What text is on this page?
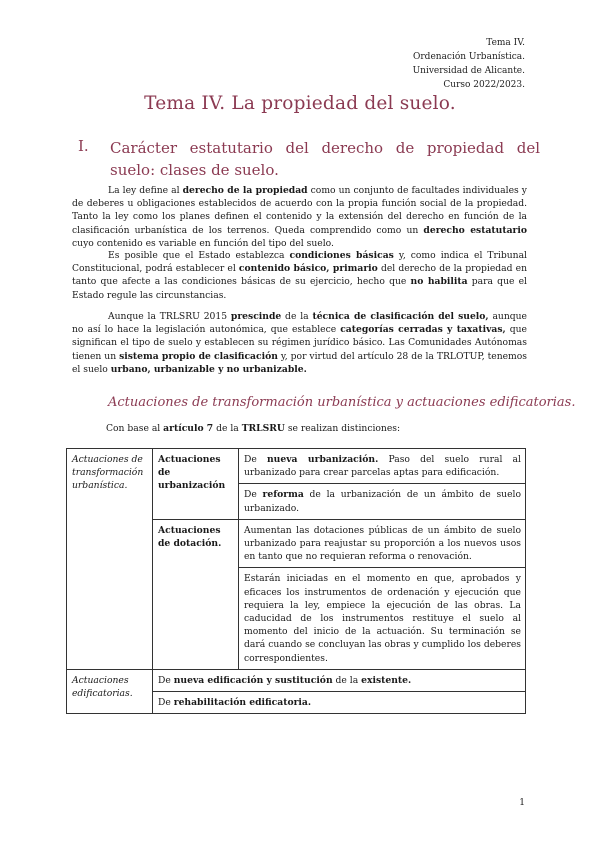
Tema IV.
Ordenación Urbanística.
Universidad de Alicante.
Curso 2022/2023.
Tema IV. La propiedad del suelo.
I. Carácter estatutario del derecho de propiedad del suelo: clases de suelo.

La ley define al derecho de la propiedad como un conjunto de facultades individuales y de deberes u obligaciones establecidos de acuerdo con la propia función social de la propiedad. Tanto la ley como los planes definen el contenido y la extensión del derecho en función de la clasificación urbanística de los terrenos. Queda comprendido como un derecho estatutario cuyo contenido es variable en función del tipo del suelo.

Es posible que el Estado establezca condiciones básicas y, como indica el Tribunal Constitucional, podrá establecer el contenido básico, primario del derecho de la propiedad en tanto que afecte a las condiciones básicas de su ejercicio, hecho que no habilita para que el Estado regule las circunstancias.

Aunque la TRLSRU 2015 prescinde de la técnica de clasificación del suelo, aunque no así lo hace la legislación autonómica, que establece categorías cerradas y taxativas, que significan el tipo de suelo y establecen su régimen jurídico básico. Las Comunidades Autónomas tienen un sistema propio de clasificación y, por virtud del artículo 28 de la TRLOTUP, tenemos el suelo urbano, urbanizable y no urbanizable.

Actuaciones de transformación urbanística y actuaciones edificatorias.
Con base al artículo 7 de la TRLSRU se realizan distinciones:
Actuaciones de transformación urbanística.	Actuaciones de urbanización	De nueva urbanización. Paso del suelo rural al urbanizado para crear parcelas aptas para edificación.
		De reforma de la urbanización de un ámbito de suelo urbanizado.
	Actuaciones de dotación.	Aumentan las dotaciones públicas de un ámbito de suelo urbanizado para reajustar su proporción a los nuevos usos en tanto que no requieran reforma o renovación.
		Estarán iniciadas en el momento en que, aprobados y eficaces los instrumentos de ordenación y ejecución que requiera la ley, empiece la ejecución de las obras. La caducidad de los instrumentos restituye el suelo al momento del inicio de la actuación. Su terminación se dará cuando se concluyan las obras y cumplido los deberes correspondientes.
Actuaciones edificatorias.	De nueva edificación y sustitución de la existente.	
	De rehabilitación edificatoria.	
1
